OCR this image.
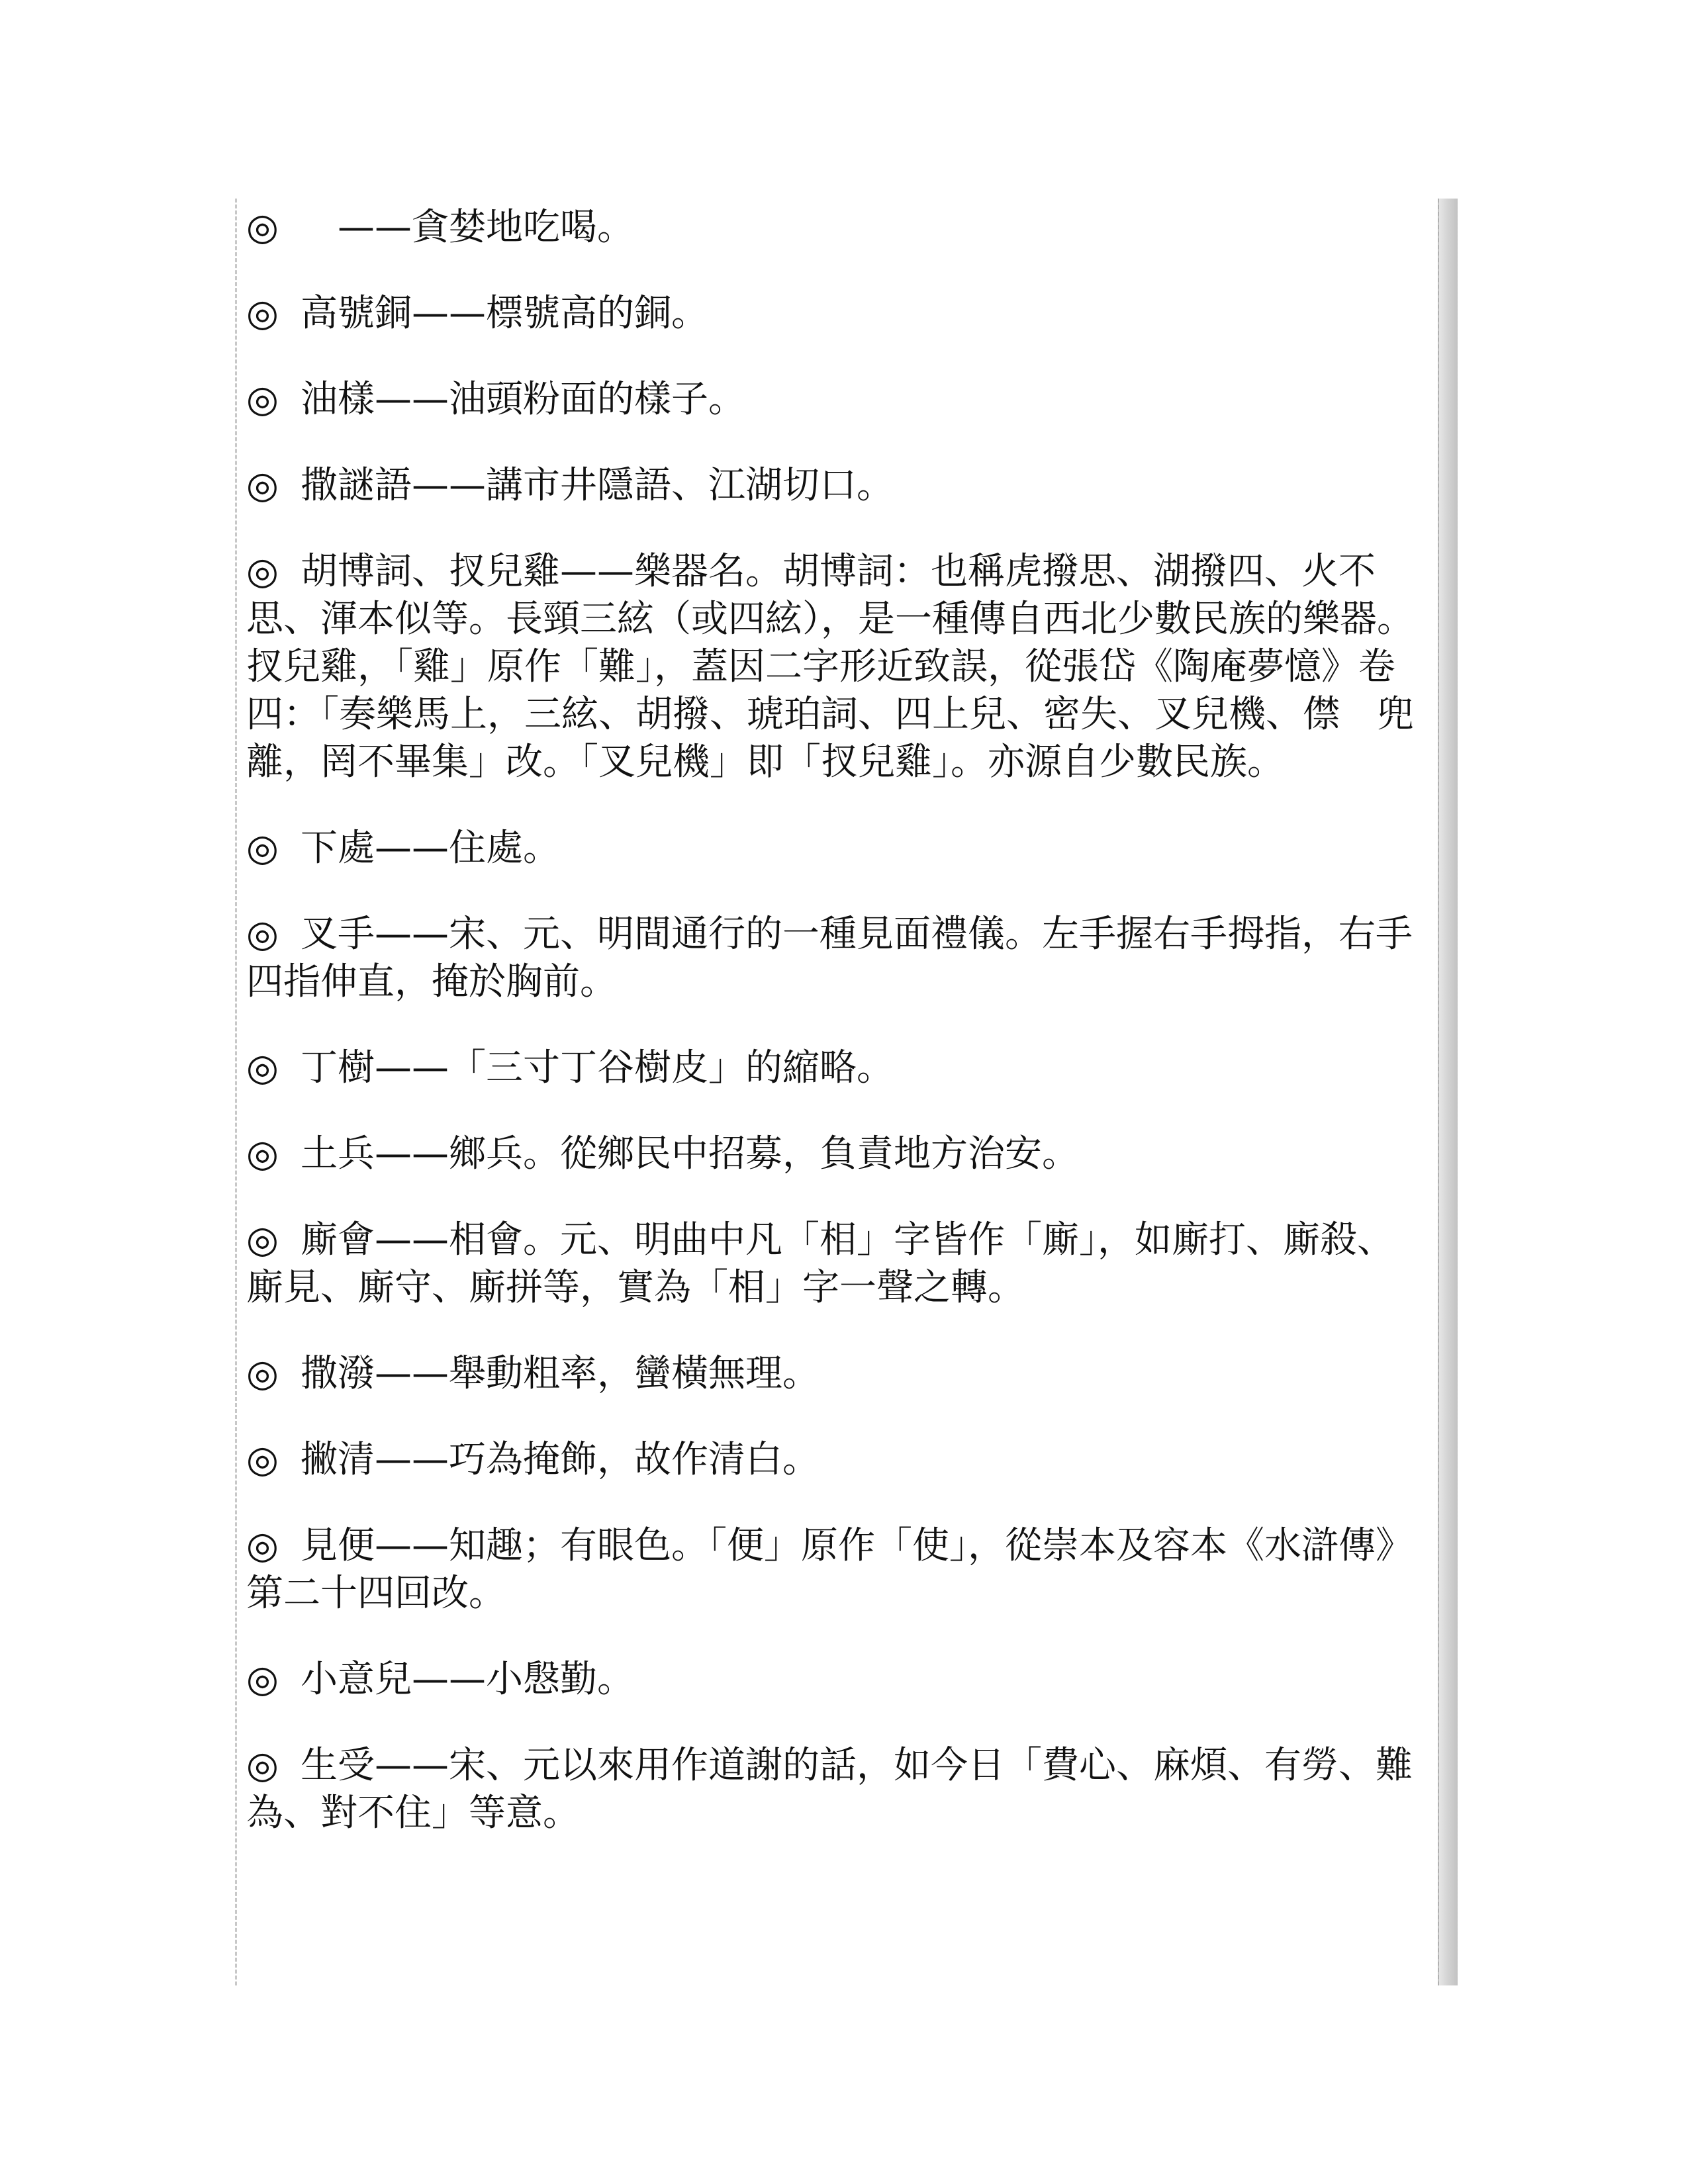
◎　——貪婪地吃喝。

◎ 高號銅——標號高的銅。

◎ 油樣——油頭粉面的樣子。

◎ 撒謎語——講市井隱語、江湖切口。

◎ 胡博詞、扠兒雞——樂器名。胡博詞：也稱虎撥思、湖撥四、火不思、渾本似等。長頸三絃（或四絃），是一種傳自西北少數民族的樂器。扠兒雞，「雞」原作「難」，蓋因二字形近致誤，從張岱《陶庵夢憶》卷四：「奏樂馬上，三絃、胡撥、琥珀詞、四上兒、密失、叉兒機、僸　兜離，罔不畢集」改。「叉兒機」即「扠兒雞」。亦源自少數民族。

◎ 下處——住處。

◎ 叉手——宋、元、明間通行的一種見面禮儀。左手握右手拇指，右手四指伸直，掩於胸前。

◎ 丁樹——「三寸丁谷樹皮」的縮略。

◎ 土兵——鄉兵。從鄉民中招募，負責地方治安。

◎ 廝會——相會。元、明曲中凡「相」字皆作「廝」，如廝打、廝殺、廝見、廝守、廝拼等，實為「相」字一聲之轉。

◎ 撒潑——舉動粗率，蠻橫無理。

◎ 撇清——巧為掩飾，故作清白。

◎ 見便——知趣；有眼色。「便」原作「使」，從崇本及容本《水滸傳》第二十四回改。

◎ 小意兒——小慇勤。

◎ 生受——宋、元以來用作道謝的話，如今日「費心、麻煩、有勞、難為、對不住」等意。
